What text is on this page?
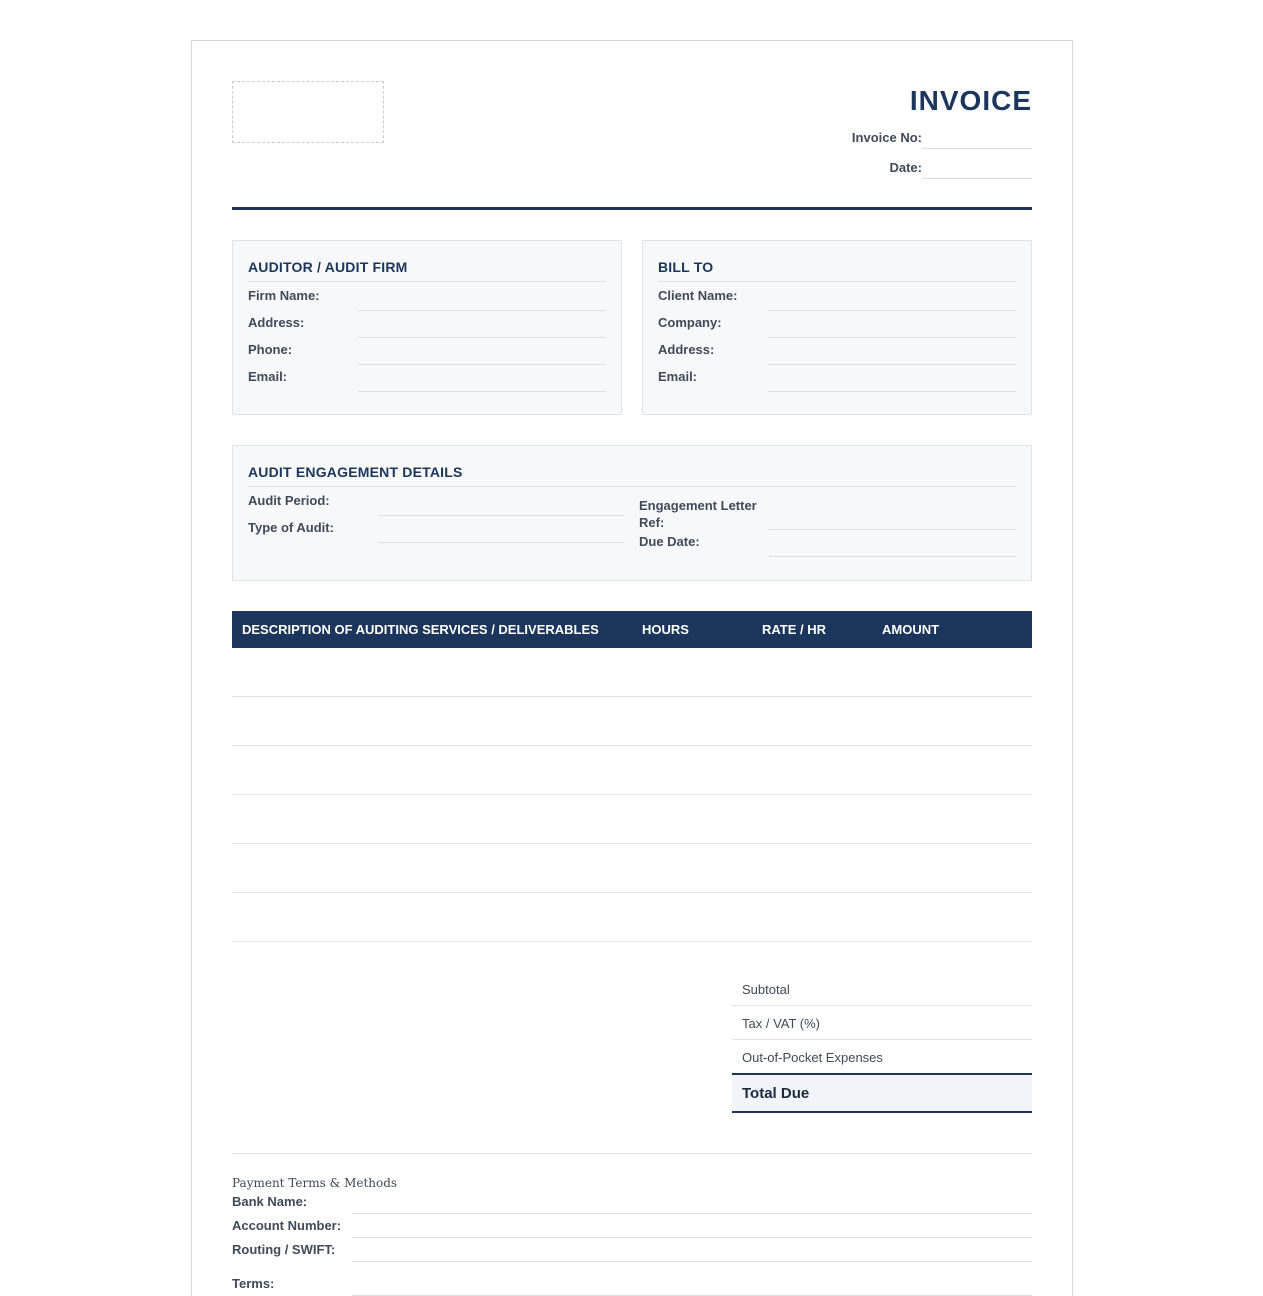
INVOICE
Invoice No:
Date:
AUDITOR / AUDIT FIRM
Firm Name:
Address:
Phone:
Email:
BILL TO
Client Name:
Company:
Address:
Email:
AUDIT ENGAGEMENT DETAILS
Audit Period:
Type of Audit:
Engagement Letter Ref:
Due Date:
DESCRIPTION OF AUDITING SERVICES / DELIVERABLES	HOURS	RATE / HR	AMOUNT
Subtotal
Tax / VAT (%)
Out-of-Pocket Expenses
Total Due
Payment Terms & Methods
Bank Name:
Account Number:
Routing / SWIFT:
Terms:
